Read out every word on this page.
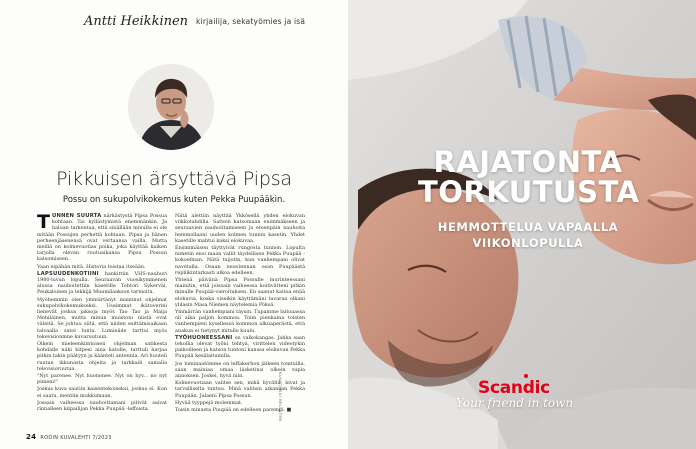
Antti Heikkinen kirjailija, sekatyömies ja isä
Pikkuisen ärsyttävä Pipsa
Possu on sukupolvikokemus kuten Pekka Puupääkin.

TUNNEN SUURTA närkästystä Pipsa Possua kohtaan. Tai kyllästymistä enemmänkin. Ja haluan tarkentaa, että sinällään minulla ei ole mitään Possujen perhettä kohtaan. Pipsa ja hänen perheenjäsenensä ovat vertaansa vailla. Mutta meillä on kolmevuotias poika, joka käyttää kaiken tarjolla olevan ruutuaikansa Pipsa Possun katsomiseen.

Vaan eipähän mitä. Historia toistaa itseään.

LAPSUUDENKOTIINI hankittiin VHS-nauhuri 1980-luvun lopulla. Seuraavan vuosikymmenen alussa nauhoitettiin kasetille Tohtori Sykerväi, Peukaloinen ja tekkijä Muumilaakson tarinoita.

Myöhemmin olen ymmärtänyt maininut ohjelmat sukupolvikokemukseksi. Useimmat ikätoverini lienevät joskus jaksoja myös Tao Tao ja Maija Mehiläinen, mutta minun muistoni niistä ovat väleitä. Se johtuu siitä, että niiden esittämisaikaan talvaalla satoi lunta. Luminäde tarttui myös tekevisionmne kuvaruutuun.

Olkein mieleenkiintoisen ohjelman satikesta kohdalle näki kitpesi aina katolle, tarttuli harjaa pitkin takin päätyyn ja käänteli antennia. Ari huuteli ruutan ikkunasta ohjeita ja tarkkaili samalla televisioruutua.

"Nyt parenee. Nyt huononee. Nyt on hyv... no nyt pimeni!"

Joskus kuva saatiin kaisentekoiseksi, joskus ei. Kun ei saatu, mentiin mukkumaan.

Jossain vaiheessa nauhoittamani pitivät saivat rinnalleen kilpailijan Pekka Puupää -leffoista.

Niitä alettiin näyttää Ykkösellä yhden elokuvan viikkotahdilla. Sattein katsomaan enimmäkseen ja seuraavien nauhoittamiseen ja eteenpäin nauhoita hemmollaani uuden kolmen tunnin kasetin. Yhdet kasetille mahtui kaksi elokuvaa.

Ensimmäisen täyttyivät rungosta tunnon. Lopulta nimetin ensi maan vallit täydellisen Pekka Puupää -kokoelman. Niitä tuijotin, kun vanhempani olivat navetalla. Osaan neuvinnnan osan Puupäästä repliikintarkasti ulkoa edelleen.

Yhtenä päivänä Pipsa Possulle murinteessani mainitin, että joissain vaiheessa koitivätteni pitkin minulle Puupää-vieroituksen. En saanut kaitoa enää elokuvia, koska viseikin käyttämäni tavaraa olkani ylilasin Masa Niemen näytelemia Pöksä.

Ymmärrän vanhempiani täysin. Tupamme laitoaassa oli aika paljon kommoa. Toim pienkaina toisten vanhempieni kysellessä kommon alkuaperästä, että anakun ei tietynyt mitulle kuulu.

TYÖHUONEESSANI on valkokangas. Jahka saan tekollia olevat työni tehtyä, virittelen videotykin paikoilleen ja katson tuntoni kanssa elokuvan Pekka Puupää kesälaitumilla.

Jos luminaatömme on leffakerhon jälkeen tomtuilla, saan mainiaa omaa läsketinsi olkein tupla annoksen. Joskei, hyvä niin.

Kolmevuotiaan valitse sen, mikä hyvältä, kivat ja tarvalliselta tuntuu. Minä valitsin aikanaan Pekka Puupään. Jalaeni Pipsa Possun.

Hyvää tyyppejä molemmat.

Toisin minusta Puupää on edelleen parempi. ■

KUVA JUSSI HELLSTEN
24 RODIN KUVALEHTI 7/2023
RAJATONTA
TORKUTUSTA
HEMMOTTELUA VAPAALLA
VIIKONLOPULLA
Scandic
Your friend in town
